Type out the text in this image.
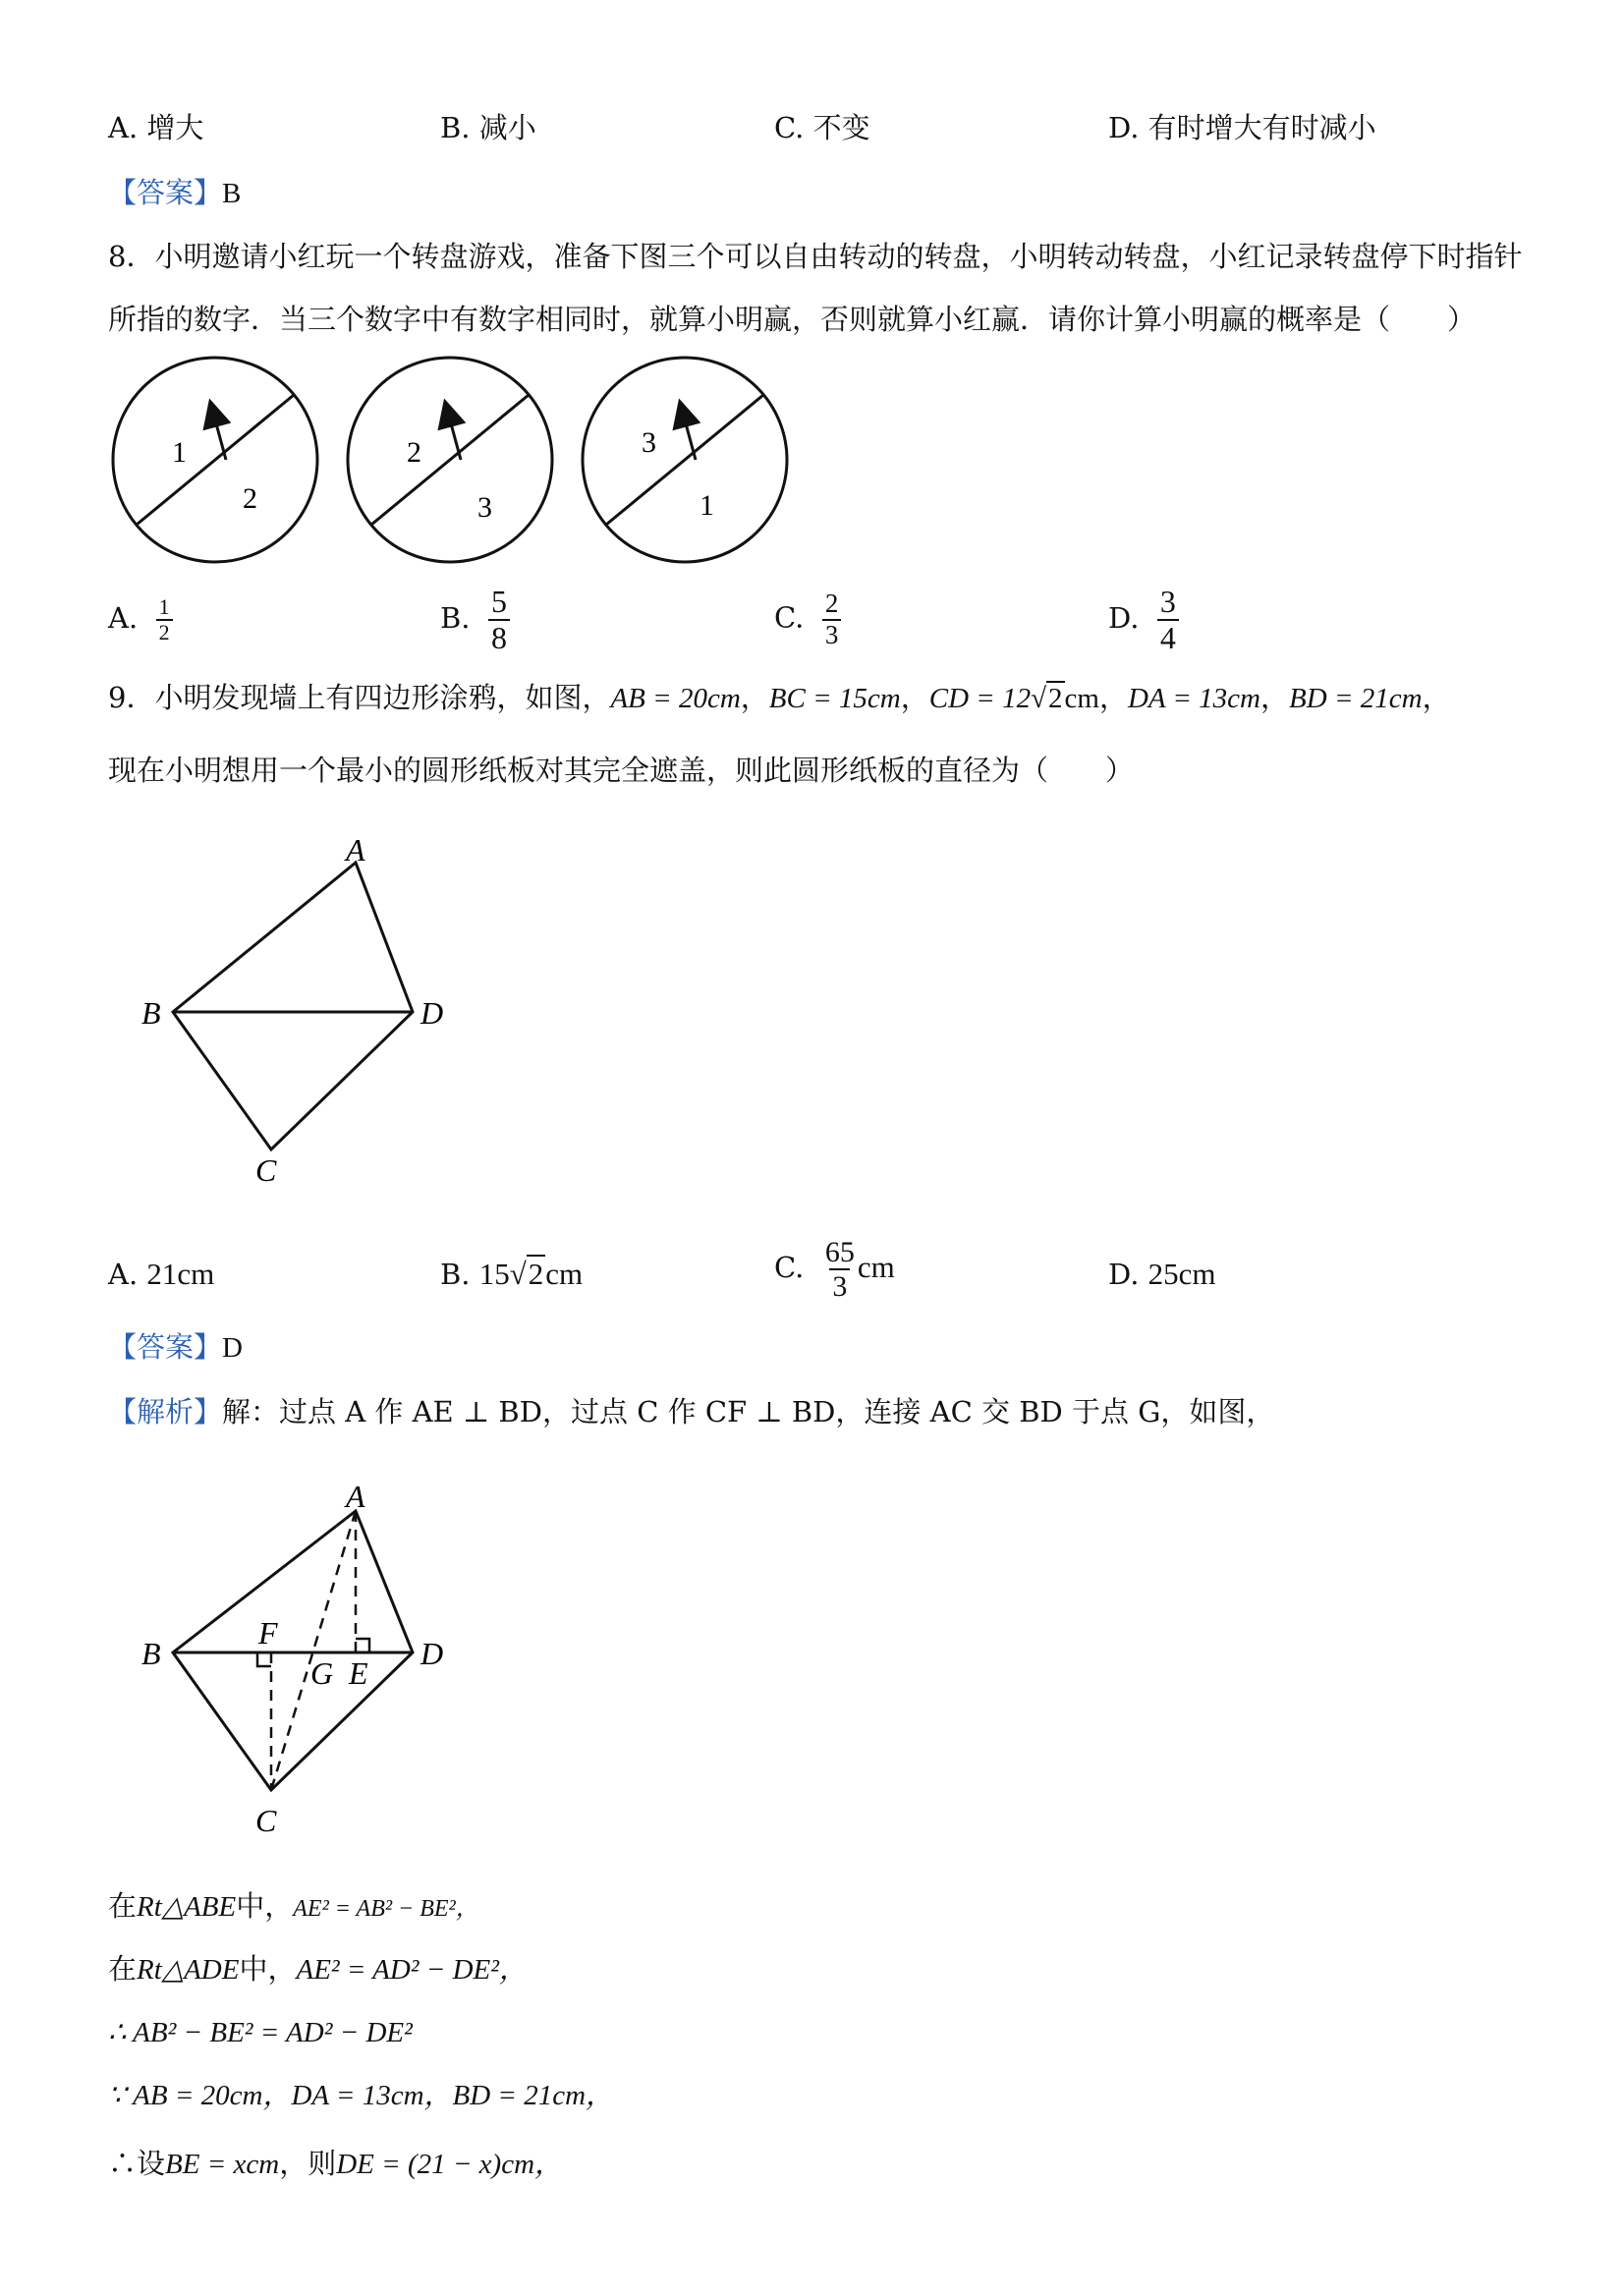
A. 增大	B. 减小	C. 不变	D. 有时增大有时减小
【答案】B
8．小明邀请小红玩一个转盘游戏，准备下图三个可以自由转动的转盘，小明转动转盘，小红记录转盘停下时指针
所指的数字．当三个数字中有数字相同时，就算小明赢，否则就算小红赢．请你计算小明赢的概率是（　　）
1
2
2
3
3
1
A. $\frac{1}{2}$	B. $\frac{5}{8}$	C. $\frac{2}{3}$	D. $\frac{3}{4}$
9．小明发现墙上有四边形涂鸦，如图，AB = 20cm，BC = 15cm，CD = 12√2cm，DA = 13cm，BD = 21cm，
现在小明想用一个最小的圆形纸板对其完全遮盖，则此圆形纸板的直径为（　　）
A
B	D
C
A. 21cm	B. 15√2cm	C. $\frac{65}{3}$ cm	D. 25cm
【答案】D
【解析】解：过点 A 作 AE ⊥ BD，过点 C 作 CF ⊥ BD，连接 AC 交 BD 于点 G，如图，
A
B	D
C
F
G E
在Rt△ABE中，AE² = AB² − BE²，
在Rt△ADE中，AE² = AD² − DE²，
∴ AB² − BE² = AD² − DE²
∵ AB = 20cm，DA = 13cm，BD = 21cm，
∴设BE = xcm，则DE = (21 − x)cm，
